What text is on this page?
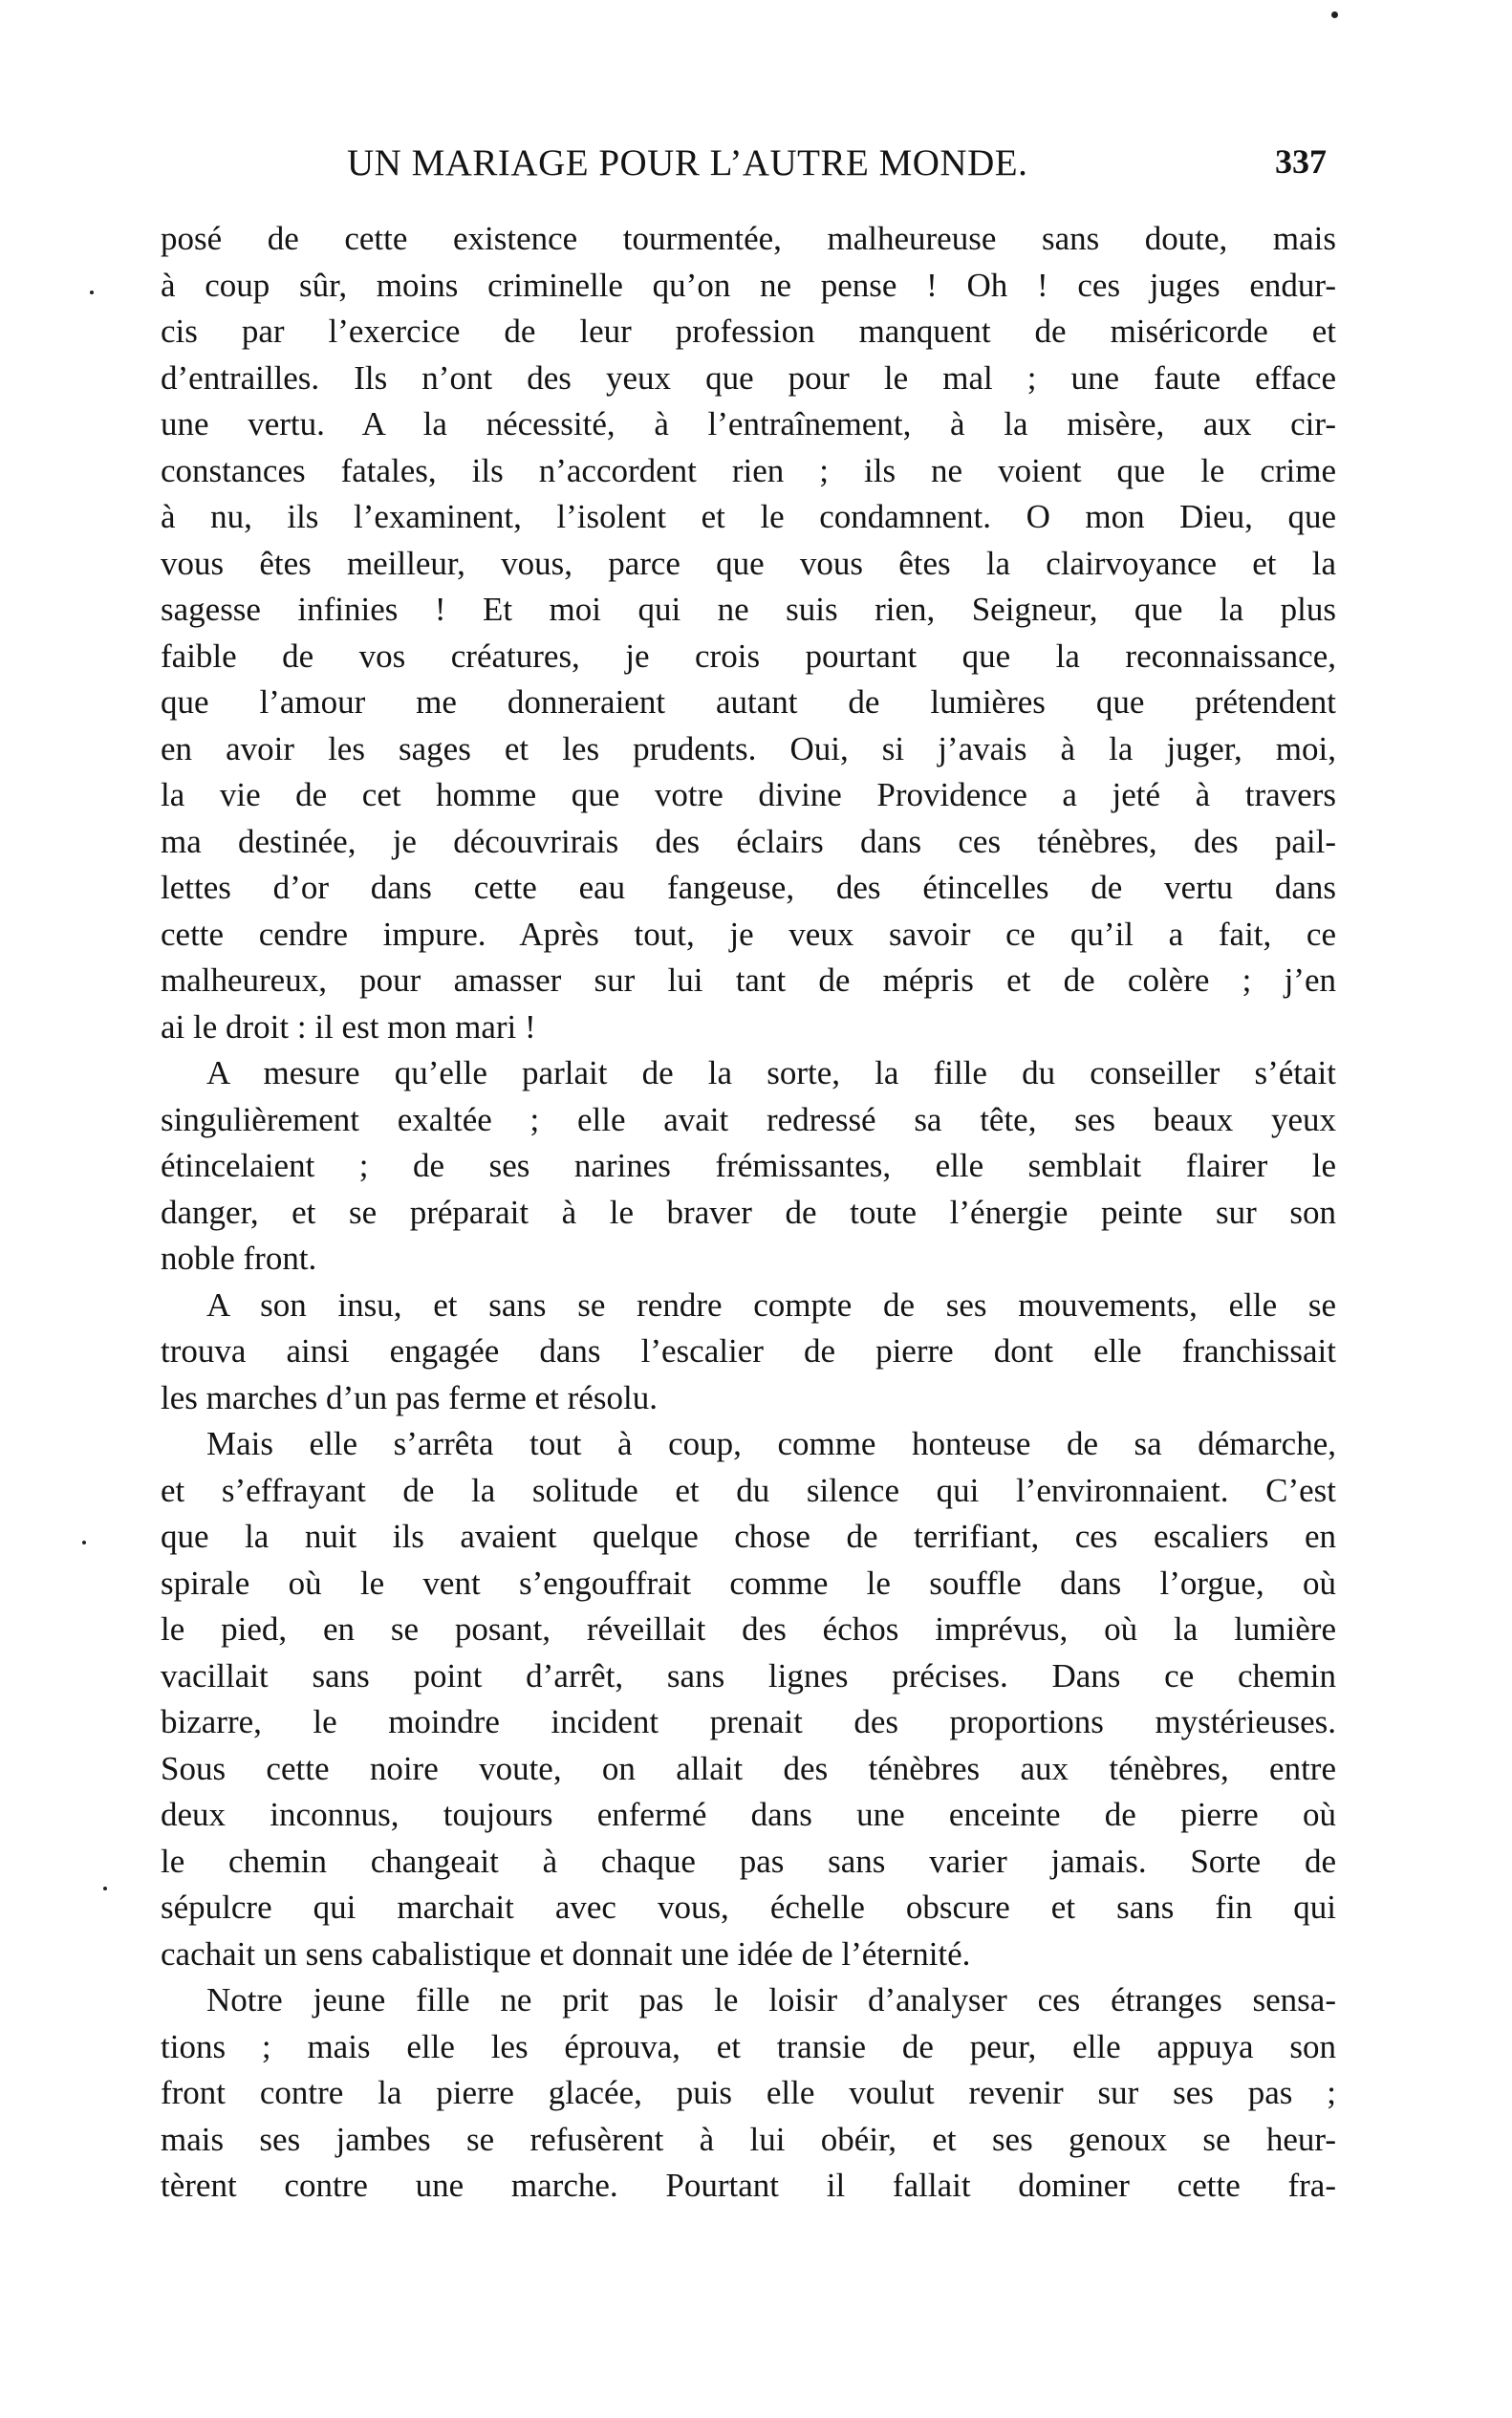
UN MARIAGE POUR L’AUTRE MONDE.	337
posé de cette existence tourmentée, malheureuse sans doute, mais
à coup sûr, moins criminelle qu’on ne pense ! Oh ! ces juges endur-
cis par l’exercice de leur profession manquent de miséricorde et
d’entrailles. Ils n’ont des yeux que pour le mal ; une faute efface
une vertu. A la nécessité, à l’entraînement, à la misère, aux cir-
constances fatales, ils n’accordent rien ; ils ne voient que le crime
à nu, ils l’examinent, l’isolent et le condamnent. O mon Dieu, que
vous êtes meilleur, vous, parce que vous êtes la clairvoyance et la
sagesse infinies ! Et moi qui ne suis rien, Seigneur, que la plus
faible de vos créatures, je crois pourtant que la reconnaissance,
que l’amour me donneraient autant de lumières que prétendent
en avoir les sages et les prudents. Oui, si j’avais à la juger, moi,
la vie de cet homme que votre divine Providence a jeté à travers
ma destinée, je découvrirais des éclairs dans ces ténèbres, des pail-
lettes d’or dans cette eau fangeuse, des étincelles de vertu dans
cette cendre impure. Après tout, je veux savoir ce qu’il a fait, ce
malheureux, pour amasser sur lui tant de mépris et de colère ; j’en
ai le droit : il est mon mari !
A mesure qu’elle parlait de la sorte, la fille du conseiller s’était
singulièrement exaltée ; elle avait redressé sa tête, ses beaux yeux
étincelaient ; de ses narines frémissantes, elle semblait flairer le
danger, et se préparait à le braver de toute l’énergie peinte sur son
noble front.
A son insu, et sans se rendre compte de ses mouvements, elle se
trouva ainsi engagée dans l’escalier de pierre dont elle franchissait
les marches d’un pas ferme et résolu.
Mais elle s’arrêta tout à coup, comme honteuse de sa démarche,
et s’effrayant de la solitude et du silence qui l’environnaient. C’est
que la nuit ils avaient quelque chose de terrifiant, ces escaliers en
spirale où le vent s’engouffrait comme le souffle dans l’orgue, où
le pied, en se posant, réveillait des échos imprévus, où la lumière
vacillait sans point d’arrêt, sans lignes précises. Dans ce chemin
bizarre, le moindre incident prenait des proportions mystérieuses.
Sous cette noire voute, on allait des ténèbres aux ténèbres, entre
deux inconnus, toujours enfermé dans une enceinte de pierre où
le chemin changeait à chaque pas sans varier jamais. Sorte de
sépulcre qui marchait avec vous, échelle obscure et sans fin qui
cachait un sens cabalistique et donnait une idée de l’éternité.
Notre jeune fille ne prit pas le loisir d’analyser ces étranges sensa-
tions ; mais elle les éprouva, et transie de peur, elle appuya son
front contre la pierre glacée, puis elle voulut revenir sur ses pas ;
mais ses jambes se refusèrent à lui obéir, et ses genoux se heur-
tèrent contre une marche. Pourtant il fallait dominer cette fra-
